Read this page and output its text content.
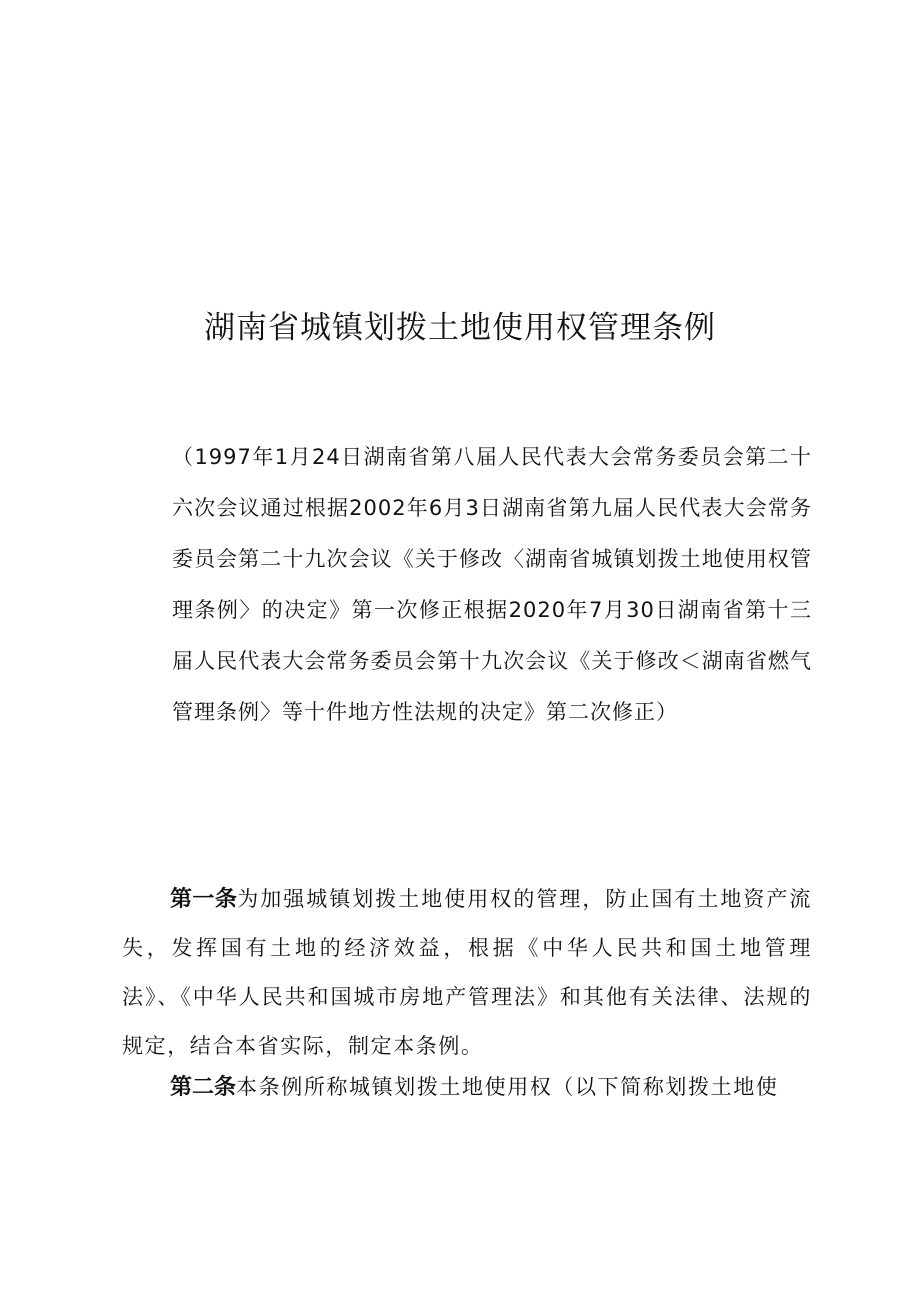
湖南省城镇划拨土地使用权管理条例

（1997年1月24日湖南省第八届人民代表大会常务委员会第二十六次会议通过根据2002年6月3日湖南省第九届人民代表大会常务委员会第二十九次会议《关于修改〈湖南省城镇划拨土地使用权管理条例〉的决定》第一次修正根据2020年7月30日湖南省第十三届人民代表大会常务委员会第十九次会议《关于修改＜湖南省燃气管理条例〉等十件地方性法规的决定》第二次修正）

第一条为加强城镇划拨土地使用权的管理，防止国有土地资产流失，发挥国有土地的经济效益，根据《中华人民共和国土地管理法》、《中华人民共和国城市房地产管理法》和其他有关法律、法规的规定，结合本省实际，制定本条例。

第二条本条例所称城镇划拨土地使用权（以下简称划拨土地使
